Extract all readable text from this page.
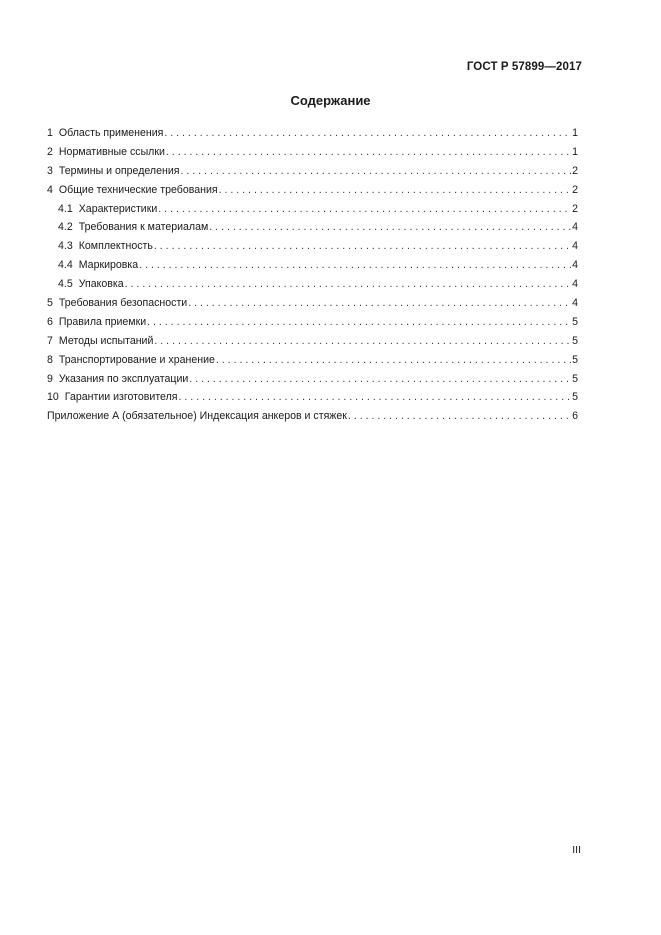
ГОСТ Р 57899—2017
Содержание
1 Область применения . . .	1
2 Нормативные ссылки . . .	1
3 Термины и определения . . .	2
4 Общие технические требования . . .	2
4.1 Характеристики . . .	2
4.2 Требования к материалам . . .	4
4.3 Комплектность . . .	4
4.4 Маркировка . . .	4
4.5 Упаковка . . .	4
5 Требования безопасности . . .	4
6 Правила приемки . . .	5
7 Методы испытаний . . .	5
8 Транспортирование и хранение . . .	5
9 Указания по эксплуатации . . .	5
10 Гарантии изготовителя . . .	5
Приложение А (обязательное) Индексация анкеров и стяжек . . .	6
III
